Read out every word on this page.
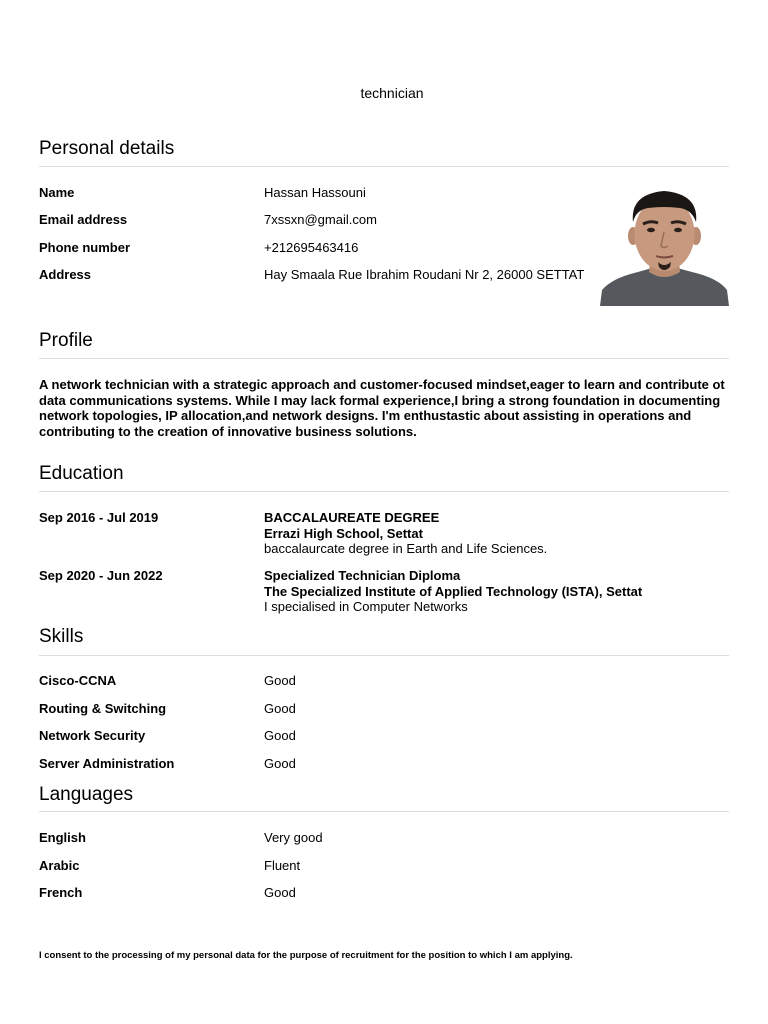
technician
Personal details
Name	Hassan Hassouni
Email address	7xssxn@gmail.com
Phone number	+212695463416
Address	Hay Smaala Rue Ibrahim Roudani Nr 2, 26000 SETTAT
Profile
A network technician with a strategic approach and customer-focused mindset,eager to learn and contribute ot data communications systems. While I may lack formal experience,I bring a strong foundation in documenting network topologies, IP allocation,and network designs. I'm enthustastic about assisting in operations and contributing to the creation of innovative business solutions.
Education
Sep 2016 - Jul 2019	BACCALAUREATE DEGREE
Errazi High School, Settat
baccalaurcate degree in Earth and Life Sciences.
Sep 2020 - Jun 2022	Specialized Technician Diploma
The Specialized Institute of Applied Technology (ISTA), Settat
I specialised in Computer Networks
Skills
Cisco-CCNA	Good
Routing & Switching	Good
Network Security	Good
Server Administration	Good
Languages
English	Very good
Arabic	Fluent
French	Good
I consent to the processing of my personal data for the purpose of recruitment for the position to which I am applying.
